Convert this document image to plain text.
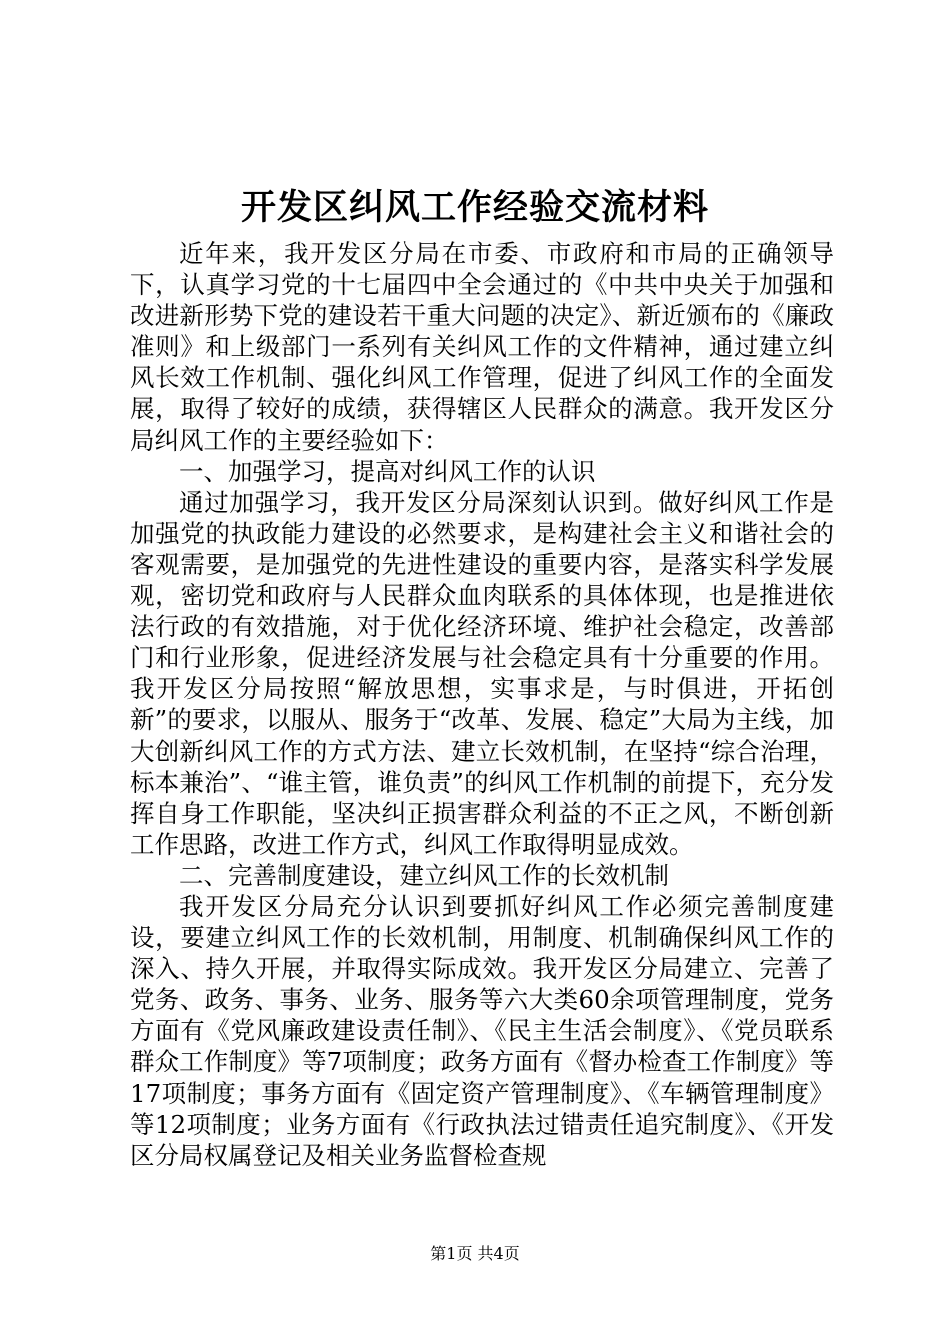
开发区纠风工作经验交流材料

近年来，我开发区分局在市委、市政府和市局的正确领导下，认真学习党的十七届四中全会通过的《中共中央关于加强和改进新形势下党的建设若干重大问题的决定》、新近颁布的《廉政准则》和上级部门一系列有关纠风工作的文件精神，通过建立纠风长效工作机制、强化纠风工作管理，促进了纠风工作的全面发展，取得了较好的成绩，获得辖区人民群众的满意。我开发区分局纠风工作的主要经验如下：

一、加强学习，提高对纠风工作的认识

通过加强学习，我开发区分局深刻认识到。做好纠风工作是加强党的执政能力建设的必然要求，是构建社会主义和谐社会的客观需要，是加强党的先进性建设的重要内容，是落实科学发展观，密切党和政府与人民群众血肉联系的具体体现，也是推进依法行政的有效措施，对于优化经济环境、维护社会稳定，改善部门和行业形象，促进经济发展与社会稳定具有十分重要的作用。我开发区分局按照“解放思想，实事求是，与时俱进，开拓创新”的要求，以服从、服务于“改革、发展、稳定”大局为主线，加大创新纠风工作的方式方法、建立长效机制，在坚持“综合治理，标本兼治”、“谁主管，谁负责”的纠风工作机制的前提下，充分发挥自身工作职能，坚决纠正损害群众利益的不正之风，不断创新工作思路，改进工作方式，纠风工作取得明显成效。

二、完善制度建设，建立纠风工作的长效机制

我开发区分局充分认识到要抓好纠风工作必须完善制度建设，要建立纠风工作的长效机制，用制度、机制确保纠风工作的深入、持久开展，并取得实际成效。我开发区分局建立、完善了党务、政务、事务、业务、服务等六大类60余项管理制度，党务方面有《党风廉政建设责任制》、《民主生活会制度》、《党员联系群众工作制度》等7项制度；政务方面有《督办检查工作制度》等17项制度；事务方面有《固定资产管理制度》、《车辆管理制度》等12项制度；业务方面有《行政执法过错责任追究制度》、《开发区分局权属登记及相关业务监督检查规

第1页 共4页
